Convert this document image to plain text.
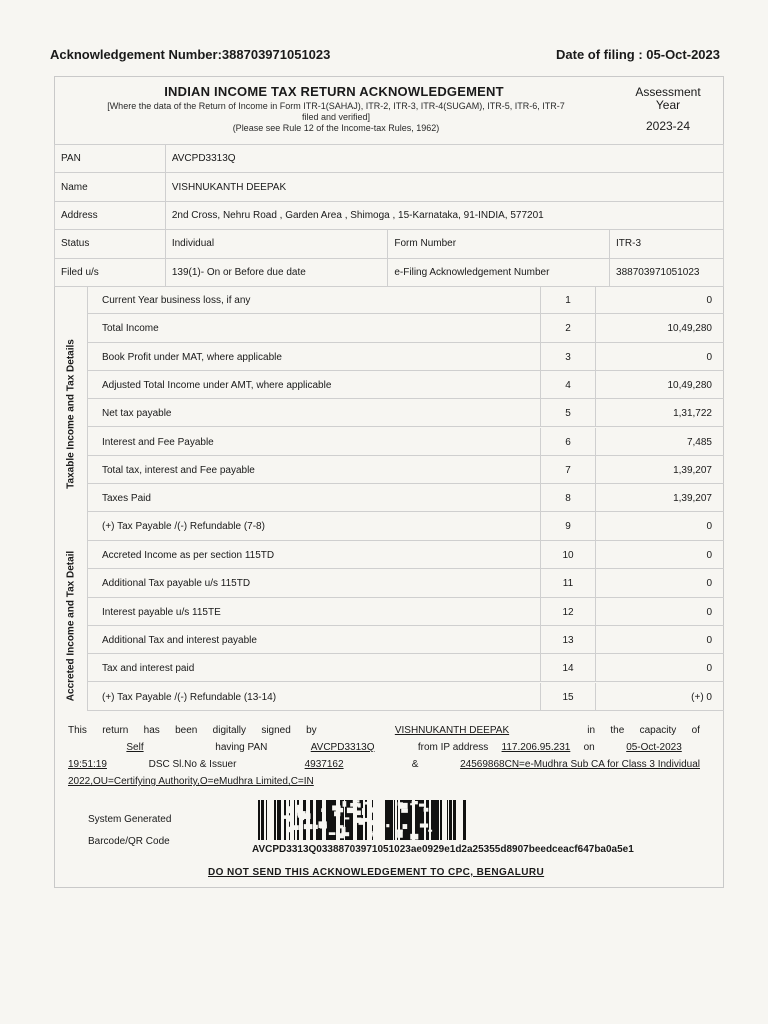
Acknowledgement Number:388703971051023	Date of filing : 05-Oct-2023
INDIAN INCOME TAX RETURN ACKNOWLEDGEMENT
[Where the data of the Return of Income in Form ITR-1(SAHAJ), ITR-2, ITR-3, ITR-4(SUGAM), ITR-5, ITR-6, ITR-7
filed and verified]
(Please see Rule 12 of the Income-tax Rules, 1962)
Assessment
Year
2023-24
PAN	AVCPD3313Q		
Name	VISHNUKANTH DEEPAK		
Address	2nd Cross, Nehru Road , Garden Area , Shimoga , 15-Karnataka, 91-INDIA, 577201		
Status	Individual	Form Number	ITR-3
Filed u/s	139(1)- On or Before due date	e-Filing Acknowledgement Number	388703971051023
Taxable Income and Tax Details
Current Year business loss, if any	1	0
Total Income	2	10,49,280
Book Profit under MAT, where applicable	3	0
Adjusted Total Income under AMT, where applicable	4	10,49,280
Net tax payable	5	1,31,722
Interest and Fee Payable	6	7,485
Total tax, interest and Fee payable	7	1,39,207
Taxes Paid	8	1,39,207
(+) Tax Payable /(-) Refundable (7-8)	9	0
Accreted Income and Tax Detail	Accreted Income as per section 115TD	10	0
Additional Tax payable u/s 115TD	11	0
Interest payable u/s 115TE	12	0
Additional Tax and interest payable	13	0
Tax and interest paid	14	0
(+) Tax Payable /(-) Refundable (13-14)	15	(+) 0
This return has been digitally signed by	VISHNUKANTH DEEPAK	in the capacity of
Self	having PAN	AVCPD3313Q	from IP address 117.206.95.231 on	05-Oct-2023
19:51:19	DSC Sl.No & Issuer	4937162	&	24569868CN=e-Mudhra Sub CA for Class 3 Individual
2022,OU=Certifying Authority,O=eMudhra Limited,C=IN
System Generated
Barcode/QR Code
AVCPD3313Q03388703971051023ae0929e1d2a25355d8907beedceacf647ba0a5e1
DO NOT SEND THIS ACKNOWLEDGEMENT TO CPC, BENGALURU
